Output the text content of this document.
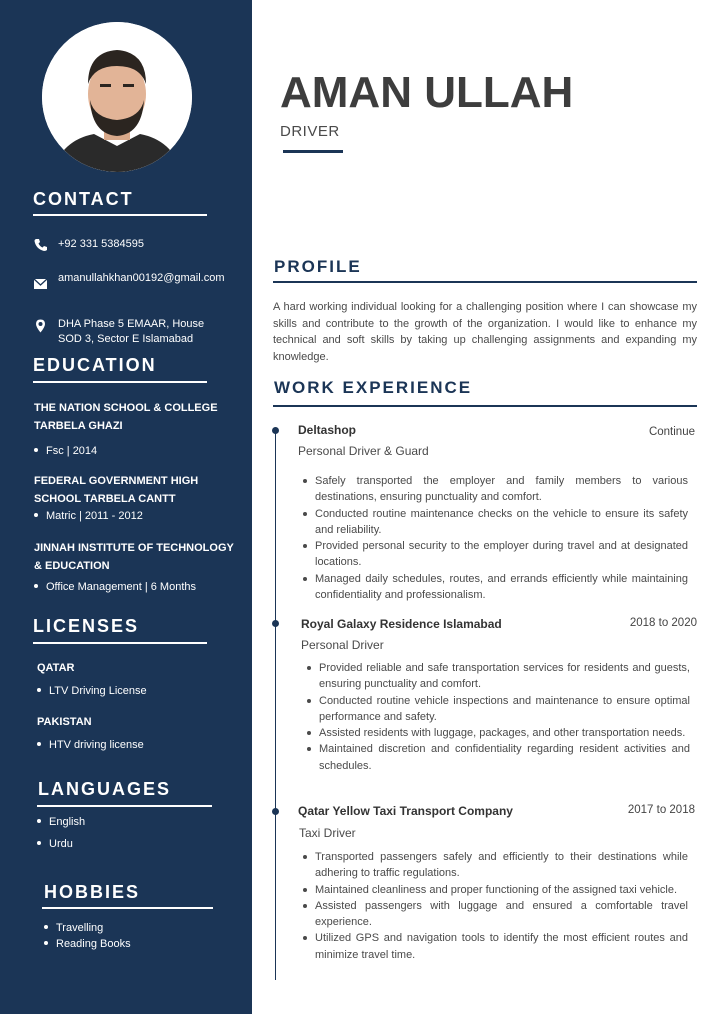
CONTACT
+92 331 5384595
amanullahkhan00192@gmail.com
DHA Phase 5 EMAAR, House SOD 3, Sector E Islamabad
EDUCATION
THE NATION SCHOOL & COLLEGE TARBELA GHAZI
Fsc | 2014
FEDERAL GOVERNMENT HIGH SCHOOL TARBELA CANTT
Matric | 2011 - 2012
JINNAH INSTITUTE OF TECHNOLOGY & EDUCATION
Office Management | 6 Months
LICENSES
QATAR
LTV Driving License
PAKISTAN
HTV driving license
LANGUAGES
English
Urdu
HOBBIES
Travelling
Reading Books
AMAN ULLAH
DRIVER
PROFILE
A hard working individual looking for a challenging position where I can showcase my skills and contribute to the growth of the organization. I would like to enhance my technical and soft skills by taking up challenging assignments and expanding my knowledge.
WORK EXPERIENCE
Deltashop	Continue
Personal Driver & Guard
Safely transported the employer and family members to various destinations, ensuring punctuality and comfort.
Conducted routine maintenance checks on the vehicle to ensure its safety and reliability.
Provided personal security to the employer during travel and at designated locations.
Managed daily schedules, routes, and errands efficiently while maintaining confidentiality and professionalism.
Royal Galaxy Residence Islamabad	2018 to 2020
Personal Driver
Provided reliable and safe transportation services for residents and guests, ensuring punctuality and comfort.
Conducted routine vehicle inspections and maintenance to ensure optimal performance and safety.
Assisted residents with luggage, packages, and other transportation needs.
Maintained discretion and confidentiality regarding resident activities and schedules.
Qatar Yellow Taxi Transport Company	2017 to 2018
Taxi Driver
Transported passengers safely and efficiently to their destinations while adhering to traffic regulations.
Maintained cleanliness and proper functioning of the assigned taxi vehicle.
Assisted passengers with luggage and ensured a comfortable travel experience.
Utilized GPS and navigation tools to identify the most efficient routes and minimize travel time.
